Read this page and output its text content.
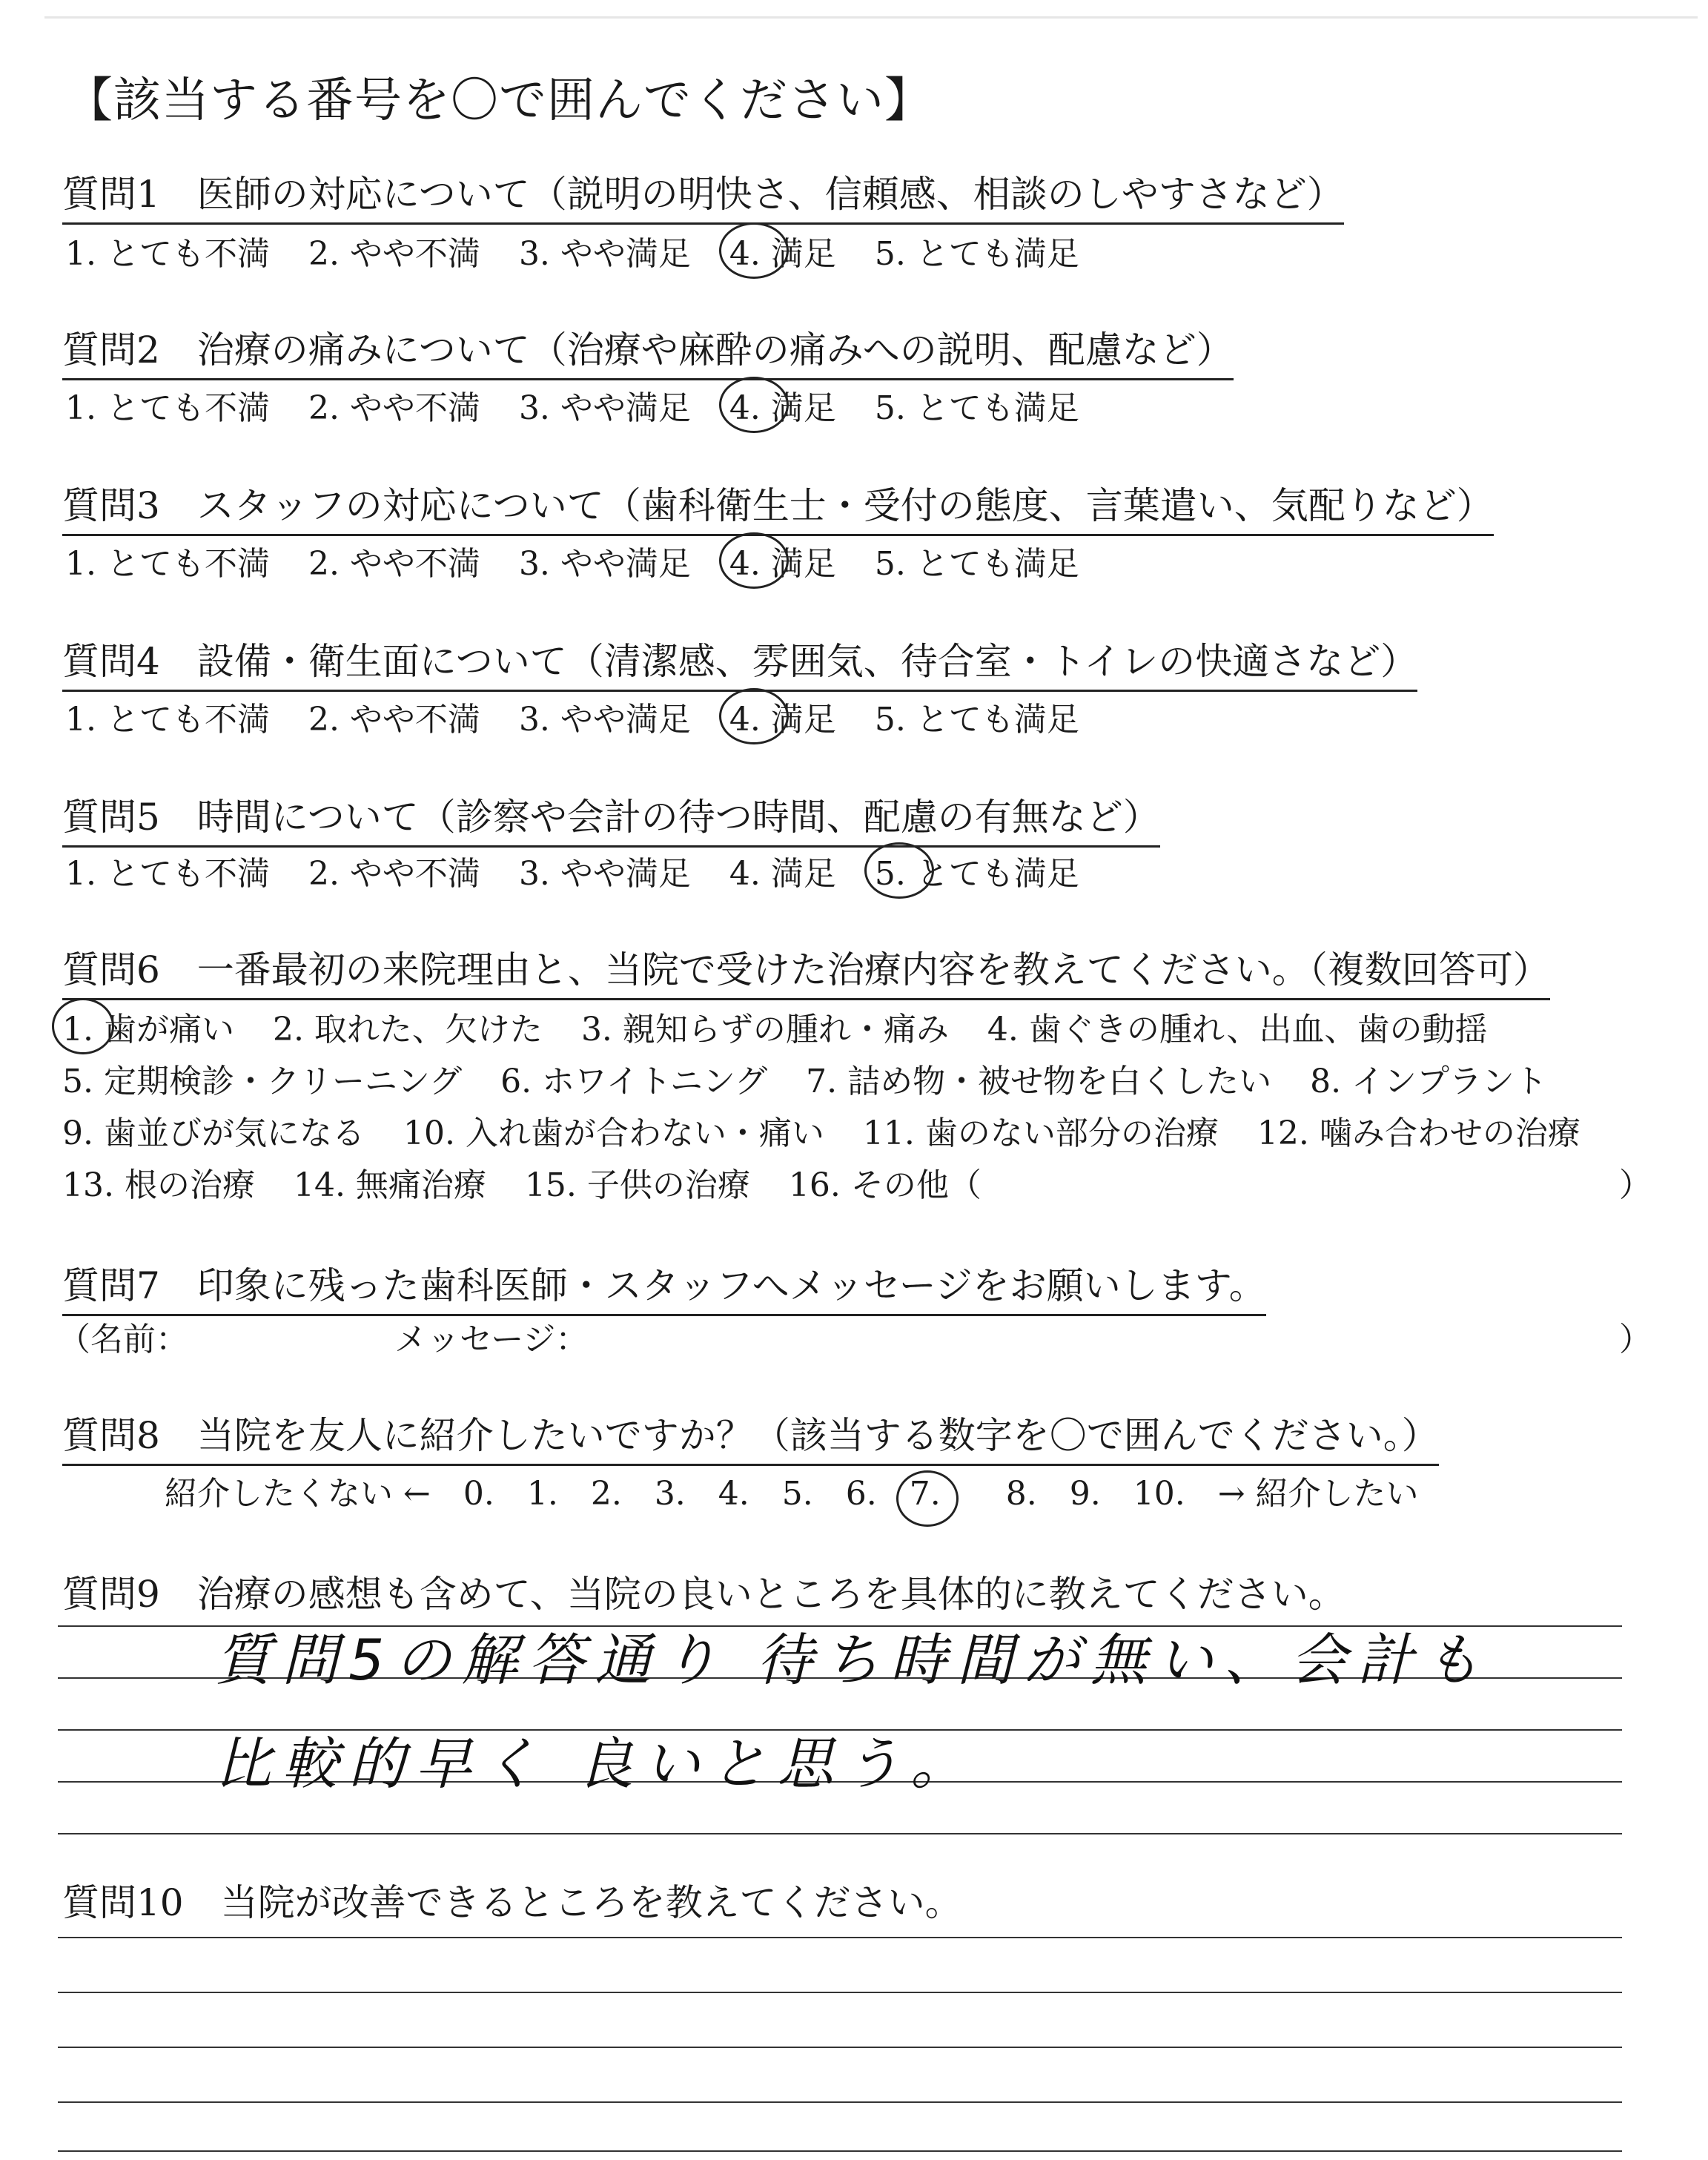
【該当する番号を〇で囲んでください】
質問1　医師の対応について（説明の明快さ、信頼感、相談のしやすさなど）
1. とても不満 2. やや不満 3. やや満足 4. 満足 5. とても満足
質問2　治療の痛みについて（治療や麻酔の痛みへの説明、配慮など）
1. とても不満 2. やや不満 3. やや満足 4. 満足 5. とても満足
質問3　スタッフの対応について（歯科衛生士・受付の態度、言葉遣い、気配りなど）
1. とても不満 2. やや不満 3. やや満足 4. 満足 5. とても満足
質問4　設備・衛生面について（清潔感、雰囲気、待合室・トイレの快適さなど）
1. とても不満 2. やや不満 3. やや満足 4. 満足 5. とても満足
質問5　時間について（診察や会計の待つ時間、配慮の有無など）
1. とても不満 2. やや不満 3. やや満足 4. 満足 5. とても満足
質問6　一番最初の来院理由と、当院で受けた治療内容を教えてください。（複数回答可）
1. 歯が痛い 2. 取れた、欠けた 3. 親知らずの腫れ・痛み 4. 歯ぐきの腫れ、出血、歯の動揺
5. 定期検診・クリーニング 6. ホワイトニング 7. 詰め物・被せ物を白くしたい 8. インプラント
9. 歯並びが気になる 10. 入れ歯が合わない・痛い 11. 歯のない部分の治療 12. 噛み合わせの治療
13. 根の治療 14. 無痛治療 15. 子供の治療 16. その他（	）
質問7　印象に残った歯科医師・スタッフへメッセージをお願いします。
（名前：	メッセージ：	）
質問8　当院を友人に紹介したいですか？（該当する数字を〇で囲んでください。）
紹介したくない ← 0. 1. 2. 3. 4. 5. 6. 7. 8. 9. 10. → 紹介したい
質問9　治療の感想も含めて、当院の良いところを具体的に教えてください。
質問5の解答通り 待ち時間が無い、会計も
比較的早く 良いと思う。
質問10　当院が改善できるところを教えてください。
